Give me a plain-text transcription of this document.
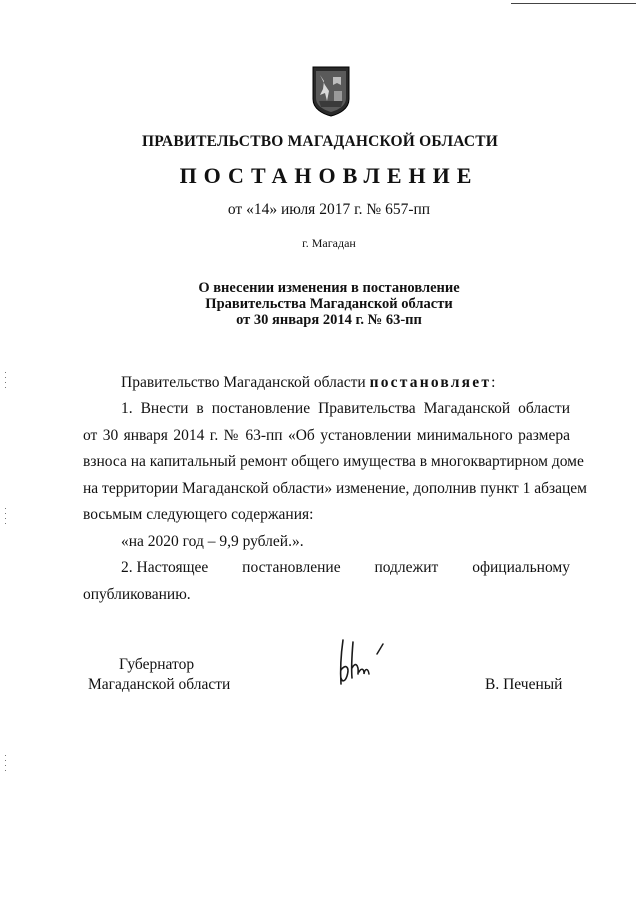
ПРАВИТЕЛЬСТВО МАГАДАНСКОЙ ОБЛАСТИ
ПОСТАНОВЛЕНИЕ
от «14» июля 2017 г. № 657-пп
г. Магадан
О внесении изменения в постановление
Правительства Магаданской области
от 30 января 2014 г. № 63-пп
Правительство Магаданской области постановляет:
1. Внести в постановление Правительства Магаданской области
от 30 января 2014 г. № 63-пп «Об установлении минимального размера
взноса на капитальный ремонт общего имущества в многоквартирном доме
на территории Магаданской области» изменение, дополнив пункт 1 абзацем
восьмым следующего содержания:
«на 2020 год – 9,9 рублей.».
2. Настоящее постановление подлежит официальному
опубликованию.
Губернатор
Магаданской области	В. Печеный
